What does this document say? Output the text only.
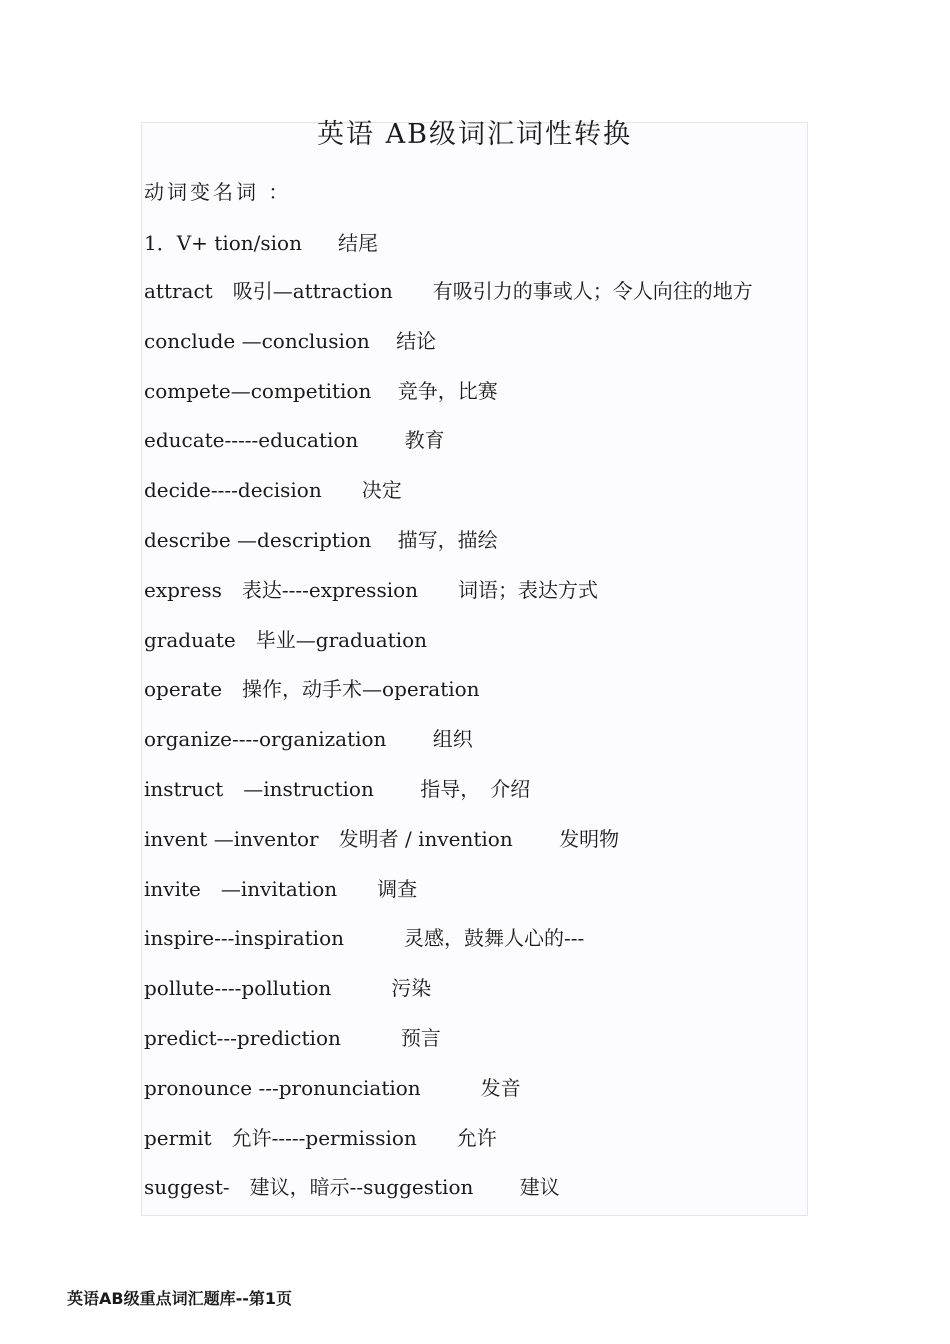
英语 AB级词汇词性转换
动词变名词 ：
1．V+ tion/sion 结尾
attract　吸引—attraction　　有吸引力的事或人；令人向往的地方
conclude —conclusion　 结论
compete—competition　 竞争，比赛
educate-----education　　 教育
decide----decision　　决定
describe —description　 描写，描绘
express　表达----expression　　词语；表达方式
graduate　毕业—graduation
operate　操作，动手术—operation
organize----organization　　 组织
instruct　—instruction　　 指导，　介绍
invent —inventor　发明者 / invention　　 发明物
invite　—invitation　　调查
inspire---inspiration　　　灵感，鼓舞人心的---
pollute----pollution　　　污染
predict---prediction　　　预言
pronounce ---pronunciation　　　发音
permit　允许-----permission　　允许
suggest-　建议，暗示--suggestion　　 建议
英语AB级重点词汇题库--第1页
